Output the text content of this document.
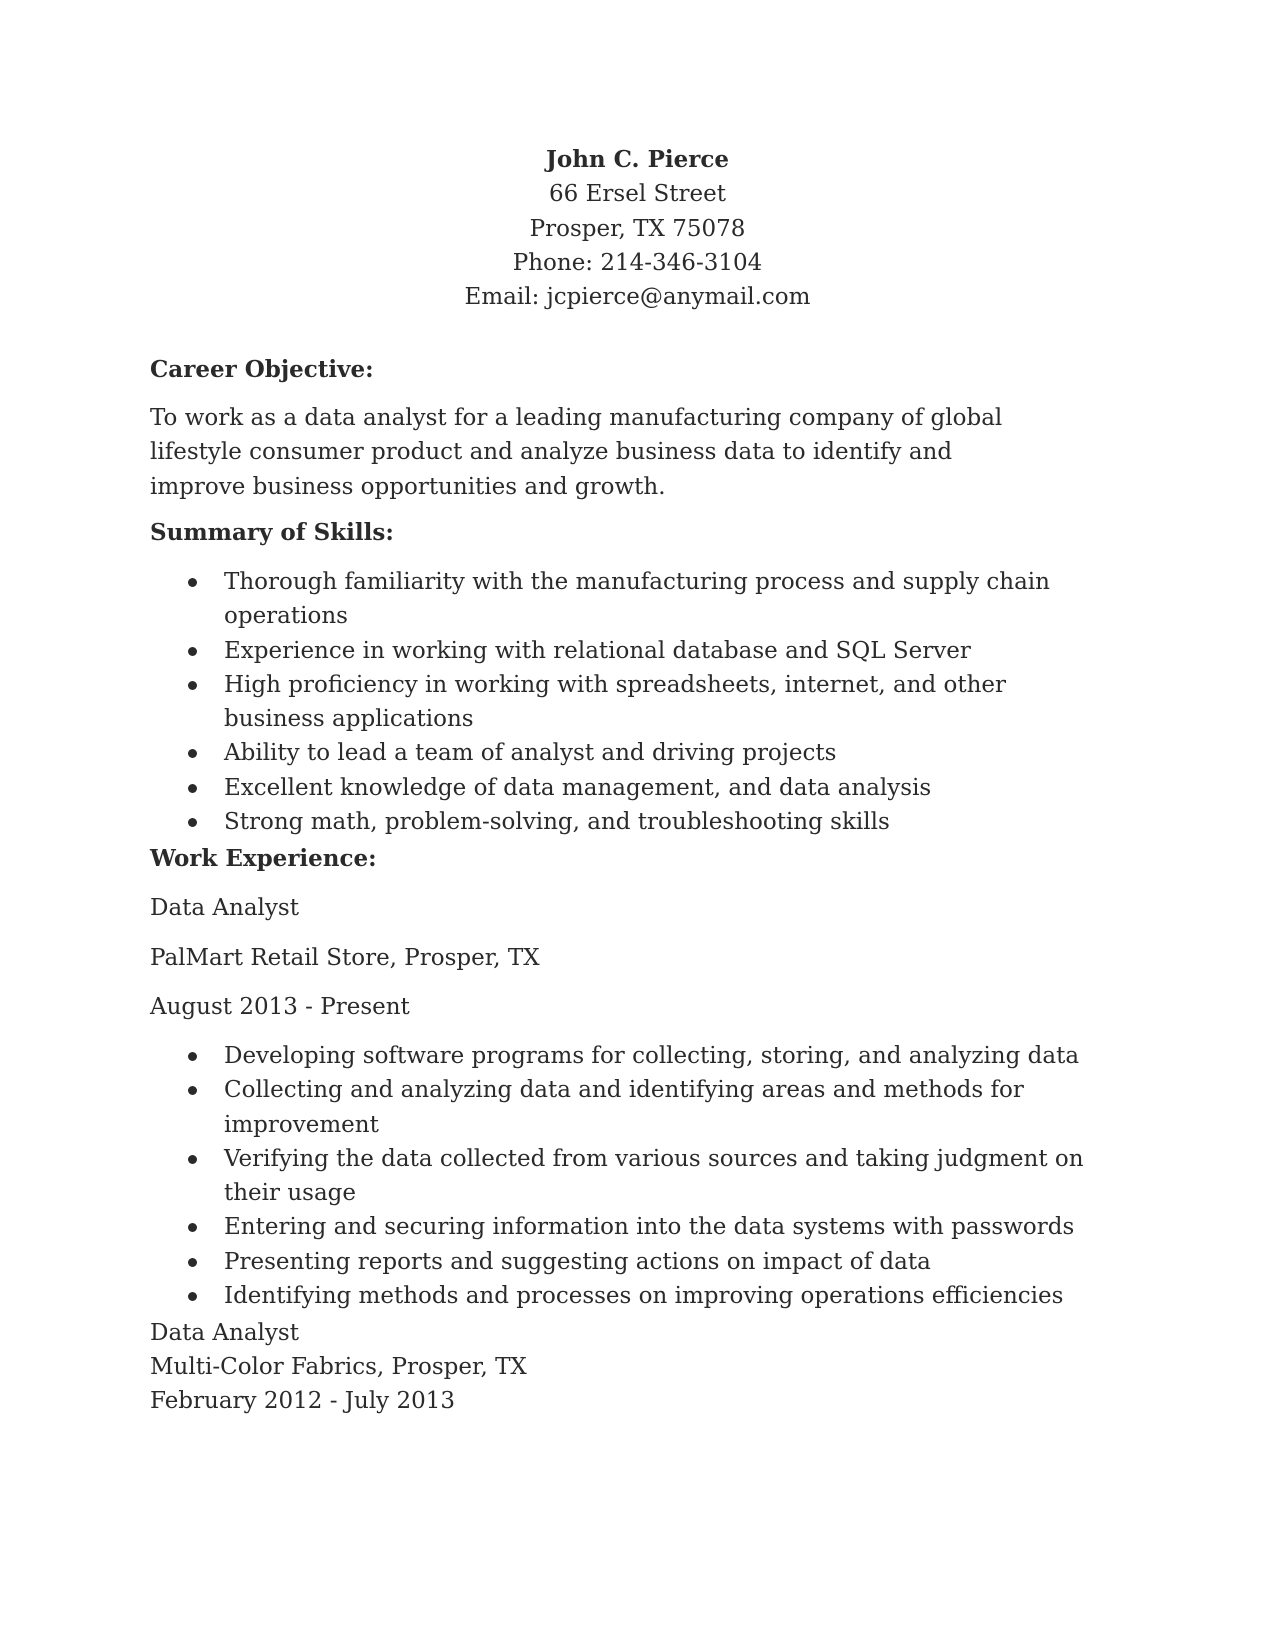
John C. Pierce
66 Ersel Street
Prosper, TX 75078
Phone: 214-346-3104
Email: jcpierce@anymail.com
Career Objective:
To work as a data analyst for a leading manufacturing company of global lifestyle consumer product and analyze business data to identify and improve business opportunities and growth.
Summary of Skills:
Thorough familiarity with the manufacturing process and supply chain operations
Experience in working with relational database and SQL Server
High proficiency in working with spreadsheets, internet, and other business applications
Ability to lead a team of analyst and driving projects
Excellent knowledge of data management, and data analysis
Strong math, problem-solving, and troubleshooting skills
Work Experience:
Data Analyst
PalMart Retail Store, Prosper, TX
August 2013 - Present
Developing software programs for collecting, storing, and analyzing data
Collecting and analyzing data and identifying areas and methods for improvement
Verifying the data collected from various sources and taking judgment on their usage
Entering and securing information into the data systems with passwords
Presenting reports and suggesting actions on impact of data
Identifying methods and processes on improving operations efficiencies
Data Analyst
Multi-Color Fabrics, Prosper, TX
February 2012 - July 2013
